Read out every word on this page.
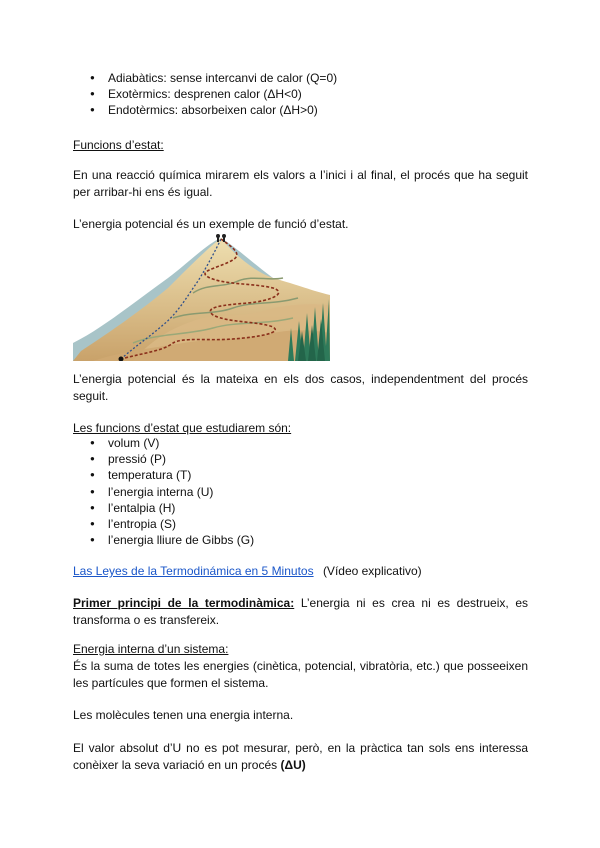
● Adiabàtics: sense intercanvi de calor (Q=0)
● Exotèrmics: desprenen calor (ΔH<0)
● Endotèrmics: absorbeixen calor (ΔH>0)
Funcions d’estat:
En una reacció química mirarem els valors a l’inici i al final, el procés que ha seguit per arribar-hi ens és igual.
L’energia potencial és un exemple de funció d’estat.
L’energia potencial és la mateixa en els dos casos, independentment del procés seguit.
Les funcions d’estat que estudiarem són:
● volum (V)
● pressió (P)
● temperatura (T)
● l’energia interna (U)
● l’entalpia (H)
● l’entropia (S)
● l’energia lliure de Gibbs (G)
Las Leyes de la Termodinámica en 5 Minutos (Vídeo explicativo)
Primer principi de la termodinàmica: L’energia ni es crea ni es destrueix, es transforma o es transfereix.
Energia interna d’un sistema:
És la suma de totes les energies (cinètica, potencial, vibratòria, etc.) que posseeixen les partícules que formen el sistema.
Les molècules tenen una energia interna.
El valor absolut d’U no es pot mesurar, però, en la pràctica tan sols ens interessa conèixer la seva variació en un procés (ΔU)
